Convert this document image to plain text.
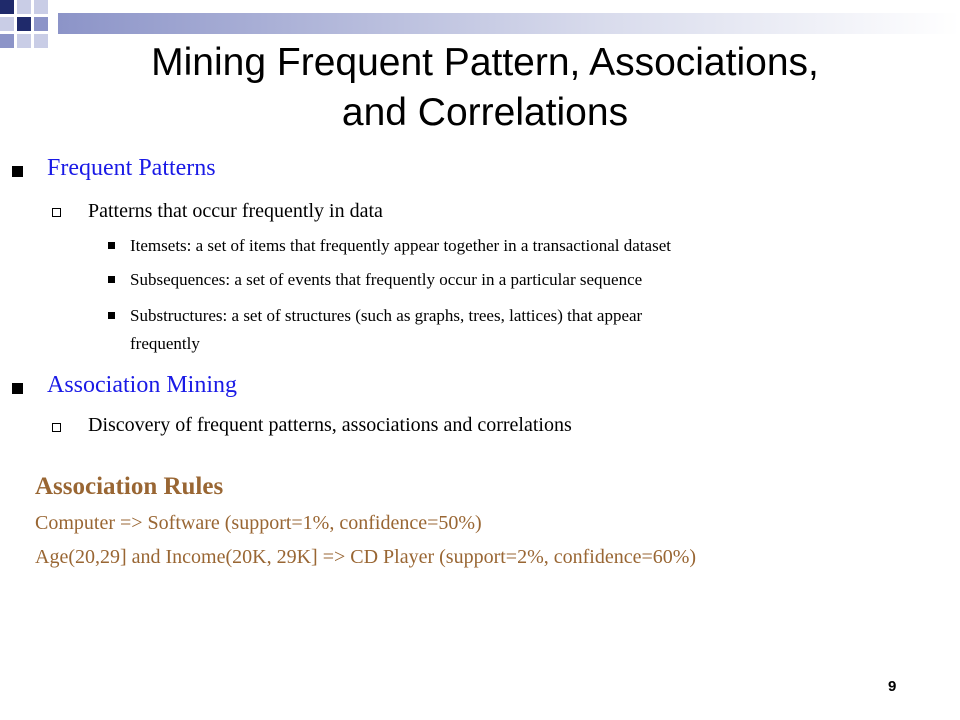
Mining Frequent Pattern, Associations,
and Correlations
Frequent Patterns
Patterns that occur frequently in data
Itemsets: a set of items that frequently appear together in a transactional dataset
Subsequences: a set of events that frequently occur in a particular sequence
Substructures: a set of structures (such as graphs, trees, lattices) that appear
frequently
Association Mining
Discovery of frequent patterns, associations and correlations
Association Rules
Computer => Software (support=1%, confidence=50%)
Age(20,29] and Income(20K, 29K] => CD Player (support=2%, confidence=60%)
9
